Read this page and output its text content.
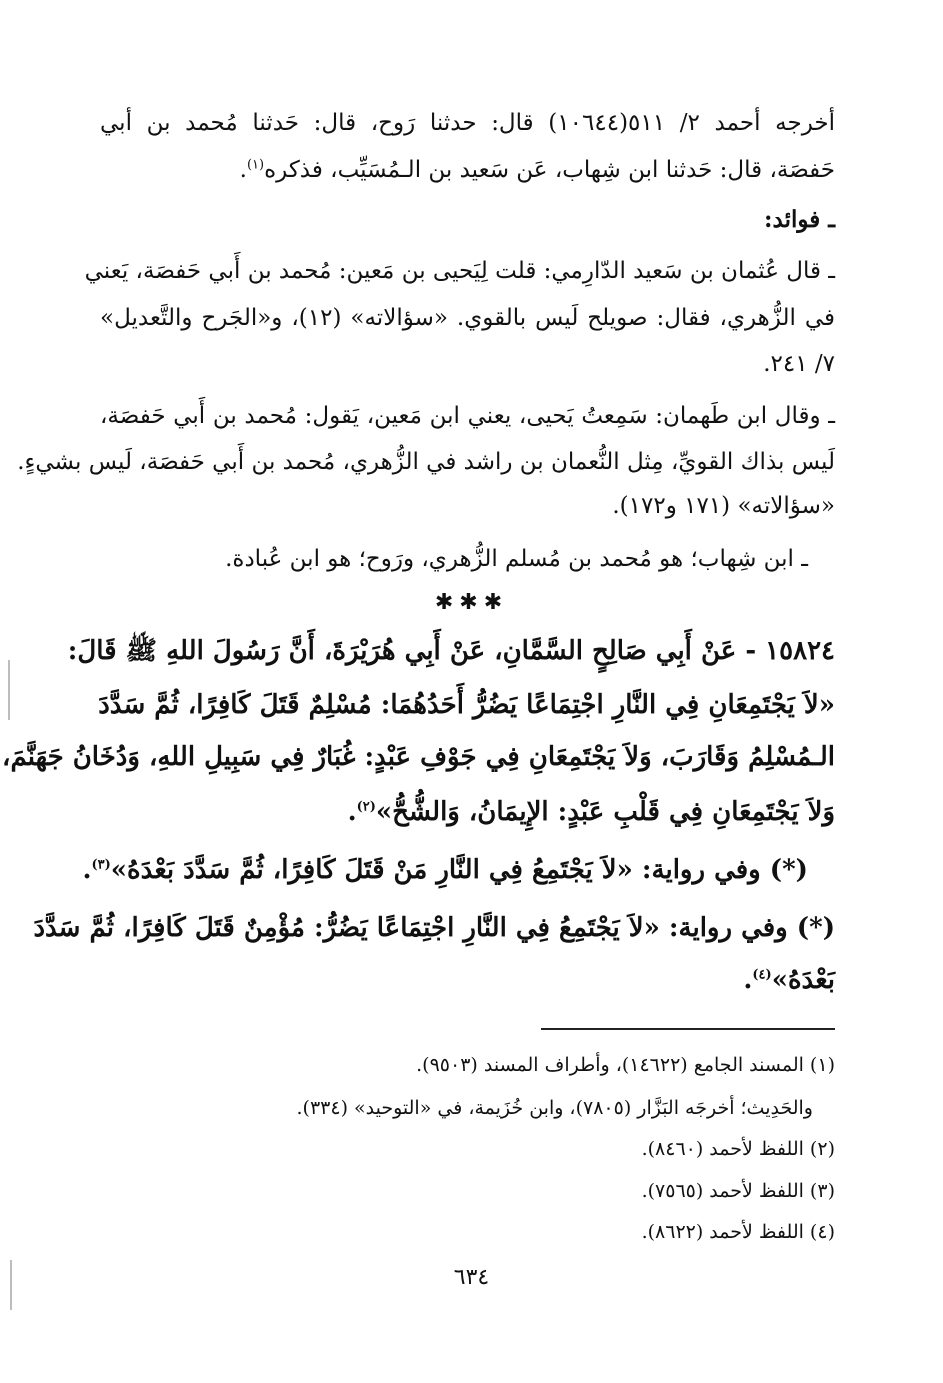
أخرجه أحمد ٢/ ٥١١(١٠٦٤٤) قال: حدثنا رَوح، قال: حَدثنا مُحمد بن أبي
حَفصَة، قال: حَدثنا ابن شِهاب، عَن سَعيد بن الـمُسَيِّب، فذكره$^{(١)}$.
ـ فوائد:
ـ قال عُثمان بن سَعيد الدّارِمي: قلت لِيَحيى بن مَعين: مُحمد بن أَبي حَفصَة، يَعني
في الزُّهري، فقال: صويلح لَيس بالقوي. «سؤالاته» (١٢)، و«الجَرح والتَّعديل»
٧/ ٢٤١.
ـ وقال ابن طَهمان: سَمِعتُ يَحيى، يعني ابن مَعين، يَقول: مُحمد بن أَبي حَفصَة،
لَيس بذاك القويِّ، مِثل النُّعمان بن راشد في الزُّهري، مُحمد بن أَبي حَفصَة، لَيس بشيءٍ.
«سؤالاته» (١٧١ و١٧٢).
ـ ابن شِهاب؛ هو مُحمد بن مُسلم الزُّهري، ورَوح؛ هو ابن عُبادة.
✱✱✱
١٥٨٢٤ - عَنْ أَبِي صَالِحٍ السَّمَّانِ، عَنْ أَبِي هُرَيْرَةَ، أَنَّ رَسُولَ اللهِ ﷺ قَالَ:
«لاَ يَجْتَمِعَانِ فِي النَّارِ اجْتِمَاعًا يَضُرُّ أَحَدُهُمَا: مُسْلِمٌ قَتَلَ كَافِرًا، ثُمَّ سَدَّدَ
الـمُسْلِمُ وَقَارَبَ، وَلاَ يَجْتَمِعَانِ فِي جَوْفِ عَبْدٍ: غُبَارٌ فِي سَبِيلِ اللهِ، وَدُخَانُ جَهَنَّمَ،
وَلاَ يَجْتَمِعَانِ فِي قَلْبِ عَبْدٍ: الإِيمَانُ، وَالشُّحُّ»$^{(٢)}$.
(*) وفي رواية: «لاَ يَجْتَمِعُ فِي النَّارِ مَنْ قَتَلَ كَافِرًا، ثُمَّ سَدَّدَ بَعْدَهُ»$^{(٣)}$.
(*) وفي رواية: «لاَ يَجْتَمِعُ فِي النَّارِ اجْتِمَاعًا يَضُرُّ: مُؤْمِنٌ قَتَلَ كَافِرًا، ثُمَّ سَدَّدَ
بَعْدَهُ»$^{(٤)}$.
(١) المسند الجامع (١٤٦٢٢)، وأطراف المسند (٩٥٠٣).
والحَدِيث؛ أخرجَه البَزَّار (٧٨٠٥)، وابن خُزَيمة، في «التوحيد» (٣٣٤).
(٢) اللفظ لأحمد (٨٤٦٠).
(٣) اللفظ لأحمد (٧٥٦٥).
(٤) اللفظ لأحمد (٨٦٢٢).
٦٣٤
